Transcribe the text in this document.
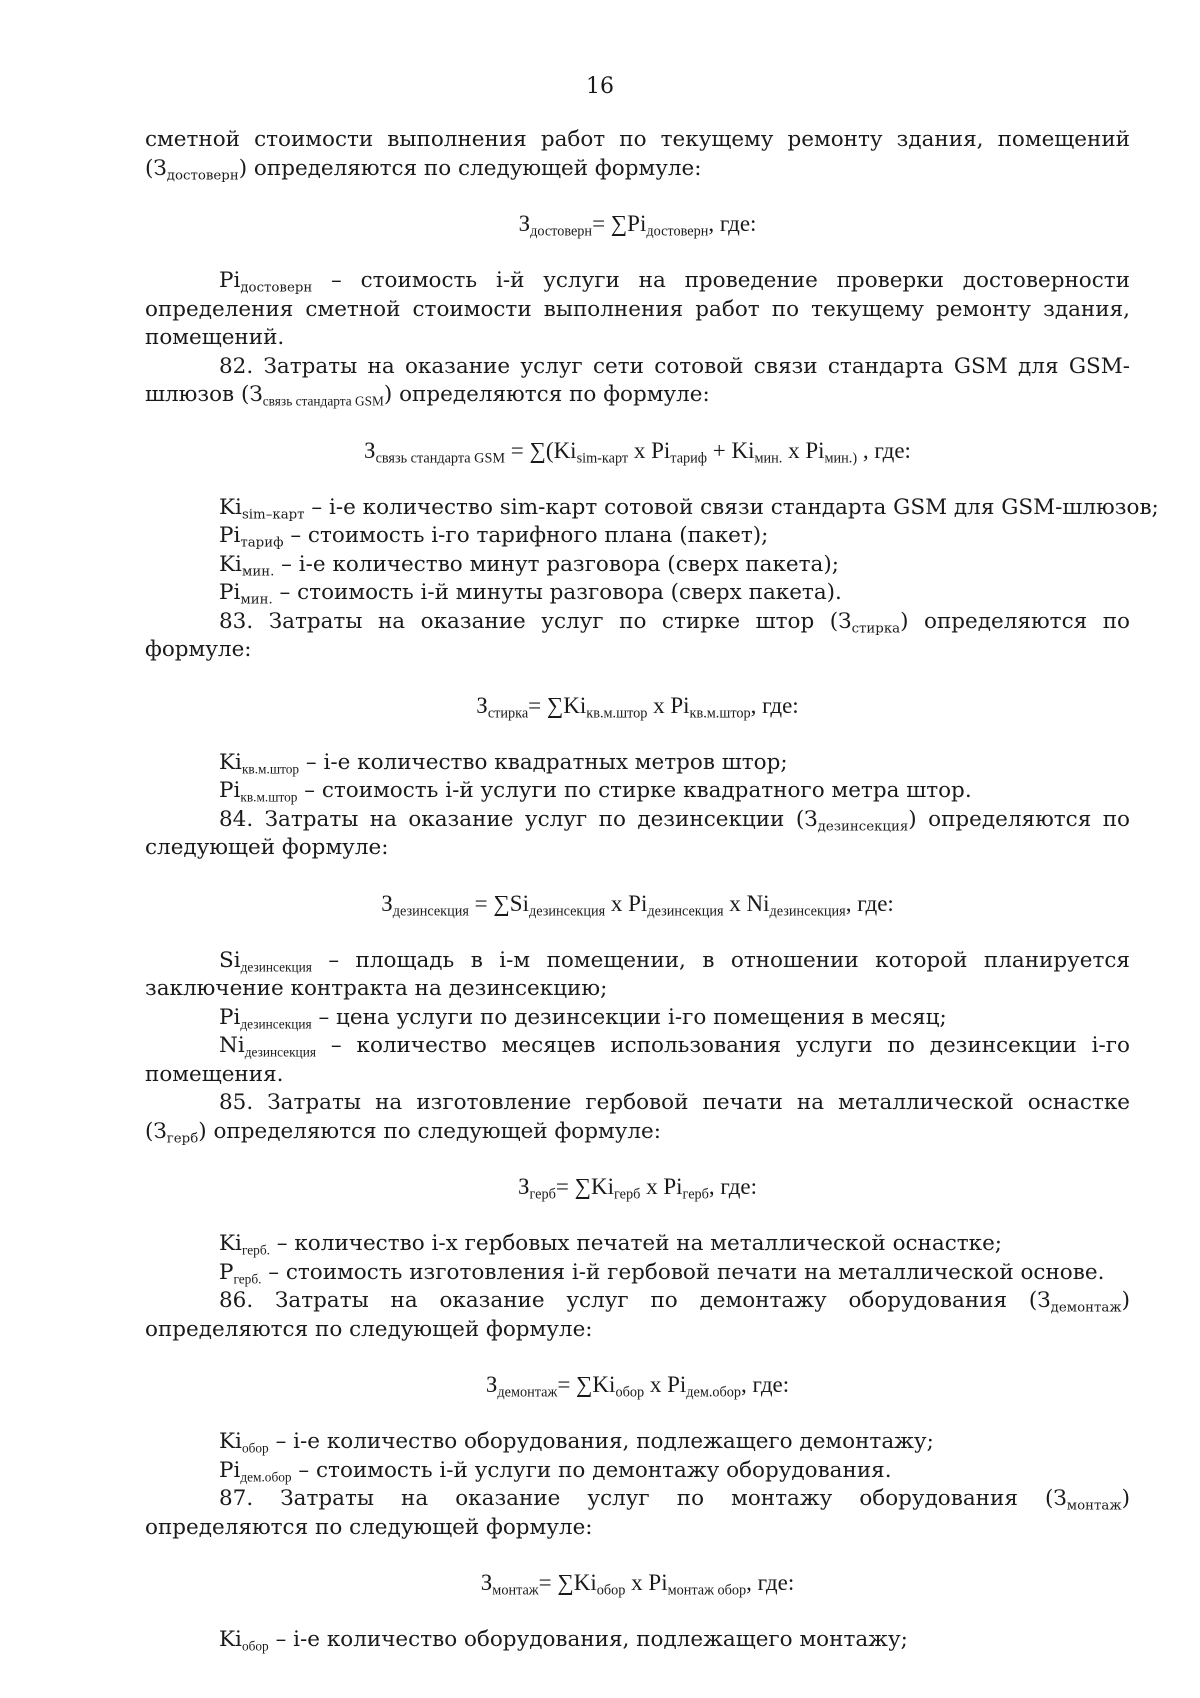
16

сметной стоимости выполнения работ по текущему ремонту здания, помещений $(З_{достоверн})$ определяются по следующей формуле:

$З_{достоверн}= \sum Pi_{достоверн}$, где:

$Pi_{достоверн}$ – стоимость i-й услуги на проведение проверки достоверности определения сметной стоимости выполнения работ по текущему ремонту здания, помещений.

82. Затраты на оказание услуг сети сотовой связи стандарта GSM для GSM-шлюзов $(З_{связь стандарта GSM})$ определяются по формуле:

$З_{связь стандарта GSM} = \sum(Ki_{sim-карт}$ x $Pi_{тариф} + Ki_{мин.}$ x $Pi_{мин.)}$ , где:

$Ki_{sim-карт} - i-е$ количество sim-карт сотовой связи стандарта GSM для GSM-шлюзов;

$Pi_{тариф}$ – стоимость i-го тарифного плана (пакет);

$Ki_{мин.} - i-е$ количество минут разговора (сверх пакета);

$Pi_{мин.}$ – стоимость i-й минуты разговора (сверх пакета).

83. Затраты на оказание услуг по стирке штор $(З_{стирка})$ определяются по формуле:

$З_{стирка}= \sum Ki_{кв.м.штор}$ x $Pi_{кв.м.штор}$, где:

$Ki_{кв.м.штор} - i-е$ количество квадратных метров штор;

$Pi_{кв.м.штор}$ – стоимость i-й услуги по стирке квадратного метра штор.

84. Затраты на оказание услуг по дезинсекции $(З_{дезинсекция})$ определяются по следующей формуле:

$З_{дезинсекция} = \sum Si_{дезинсекция}$ x $Pi_{дезинсекция}$ x $Ni_{дезинсекция}$, где:

$Si_{дезинсекция}$ – площадь в i-м помещении, в отношении которой планируется заключение контракта на дезинсекцию;

$Pi_{дезинсекция}$ – цена услуги по дезинсекции i-го помещения в месяц;

$Ni_{дезинсекция}$ – количество месяцев использования услуги по дезинсекции i-го помещения.

85. Затраты на изготовление гербовой печати на металлической оснастке $(З_{герб})$ определяются по следующей формуле:

$З_{герб}= \sum Ki_{герб}$ x $Pi_{герб}$, где:

$Ki_{герб.}$ – количество i-х гербовых печатей на металлической оснастке;

$P_{герб.}$ – стоимость изготовления i-й гербовой печати на металлической основе.

86. Затраты на оказание услуг по демонтажу оборудования $(З_{демонтаж})$ определяются по следующей формуле:

$З_{демонтаж}= \sum Ki_{обор}$ x $Pi_{дем.обор}$, где:

$Ki_{обор} - i-е$ количество оборудования, подлежащего демонтажу;

$Pi_{дем.обор}$ – стоимость i-й услуги по демонтажу оборудования.

87. Затраты на оказание услуг по монтажу оборудования $(З_{монтаж})$ определяются по следующей формуле:

$З_{монтаж}= \sum Ki_{обор}$ x $Pi_{монтаж обор}$, где:

$Ki_{обор} - i-е$ количество оборудования, подлежащего монтажу;
